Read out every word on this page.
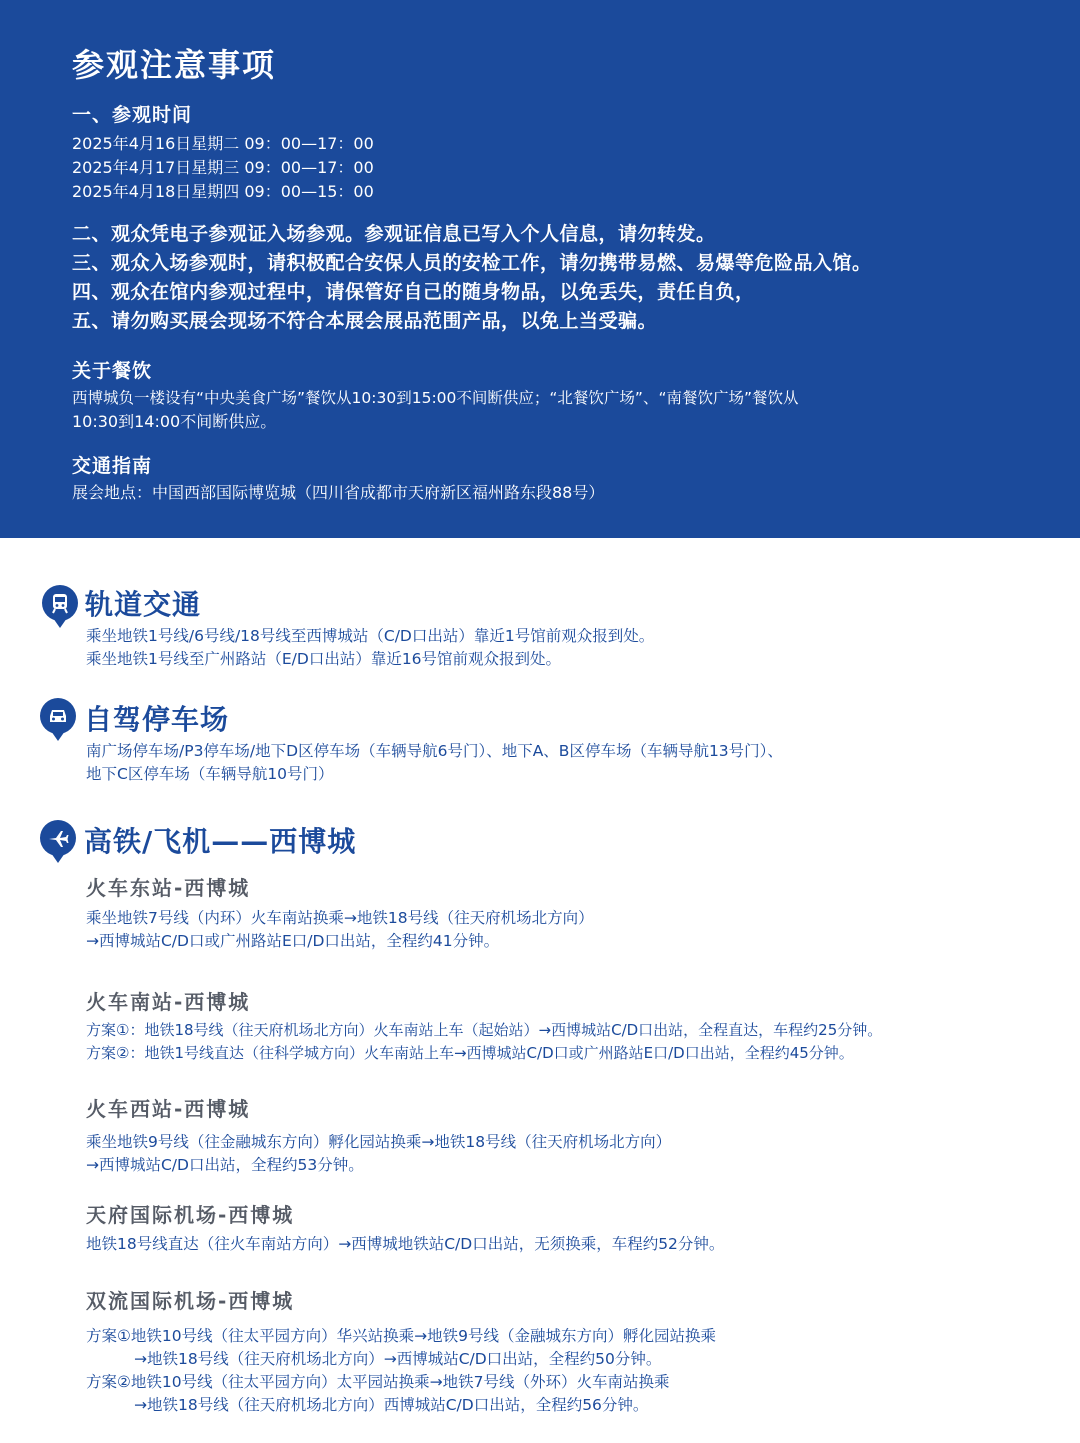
参观注意事项
一、参观时间
2025年4月16日星期二 09：00—17：00
2025年4月17日星期三 09：00—17：00
2025年4月18日星期四 09：00—15：00
二、观众凭电子参观证入场参观。参观证信息已写入个人信息，请勿转发。
三、观众入场参观时，请积极配合安保人员的安检工作，请勿携带易燃、易爆等危险品入馆。
四、观众在馆内参观过程中，请保管好自己的随身物品，以免丢失，责任自负，
五、请勿购买展会现场不符合本展会展品范围产品，以免上当受骗。
关于餐饮
西博城负一楼设有“中央美食广场”餐饮从10:30到15:00不间断供应；“北餐饮广场”、“南餐饮广场”餐饮从
10:30到14:00不间断供应。
交通指南
展会地点：中国西部国际博览城（四川省成都市天府新区福州路东段88号）
轨道交通
乘坐地铁1号线/6号线/18号线至西博城站（C/D口出站）靠近1号馆前观众报到处。
乘坐地铁1号线至广州路站（E/D口出站）靠近16号馆前观众报到处。
自驾停车场
南广场停车场/P3停车场/地下D区停车场（车辆导航6号门）、地下A、B区停车场（车辆导航13号门）、
地下C区停车场（车辆导航10号门）
高铁/飞机——西博城
火车东站-西博城
乘坐地铁7号线（内环）火车南站换乘→地铁18号线（往天府机场北方向）
→西博城站C/D口或广州路站E口/D口出站，全程约41分钟。
火车南站-西博城
方案①：地铁18号线（往天府机场北方向）火车南站上车（起始站）→西博城站C/D口出站，全程直达，车程约25分钟。
方案②：地铁1号线直达（往科学城方向）火车南站上车→西博城站C/D口或广州路站E口/D口出站，全程约45分钟。
火车西站-西博城
乘坐地铁9号线（往金融城东方向）孵化园站换乘→地铁18号线（往天府机场北方向）
→西博城站C/D口出站，全程约53分钟。
天府国际机场-西博城
地铁18号线直达（往火车南站方向）→西博城地铁站C/D口出站，无须换乘，车程约52分钟。
双流国际机场-西博城
方案①地铁10号线（往太平园方向）华兴站换乘→地铁9号线（金融城东方向）孵化园站换乘
→地铁18号线（往天府机场北方向）→西博城站C/D口出站，全程约50分钟。
方案②地铁10号线（往太平园方向）太平园站换乘→地铁7号线（外环）火车南站换乘
→地铁18号线（往天府机场北方向）西博城站C/D口出站，全程约56分钟。
